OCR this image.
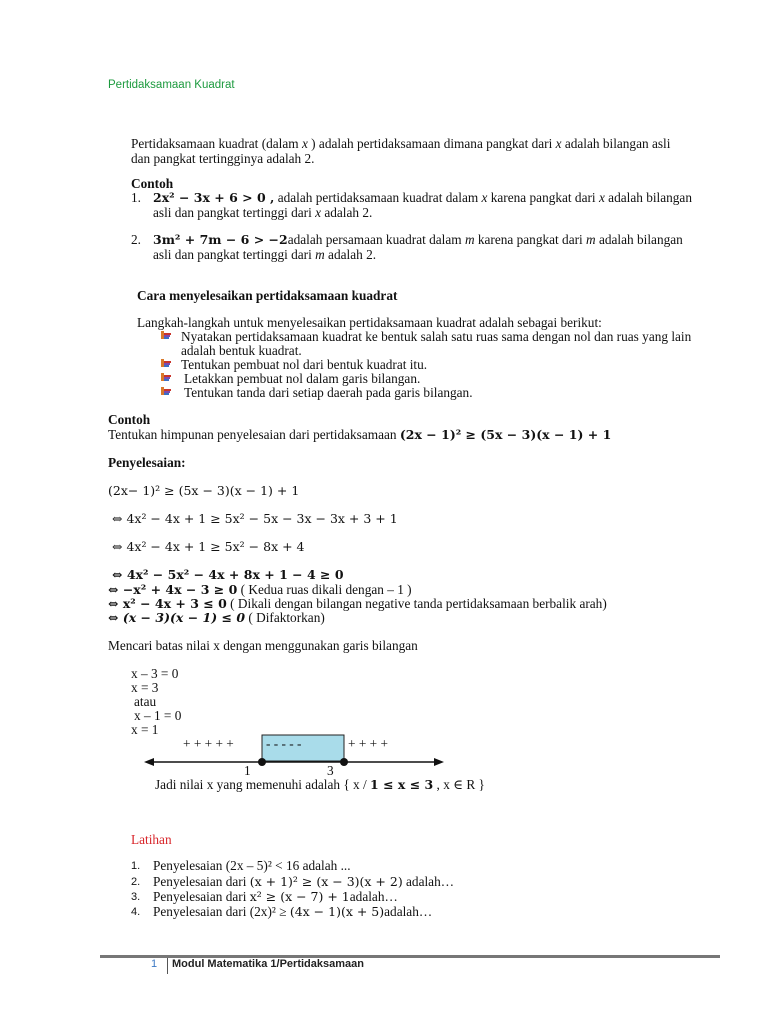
Pertidaksamaan Kuadrat
Pertidaksamaan kuadrat (dalam x ) adalah pertidaksamaan dimana pangkat dari x adalah bilangan asli
dan pangkat tertingginya adalah 2.
Contoh
1. 2x² − 3x + 6 > 0 , adalah pertidaksamaan kuadrat dalam x karena pangkat dari x adalah bilangan
asli dan pangkat tertinggi dari x adalah 2.
2. 3m² + 7m − 6 > −2adalah persamaan kuadrat dalam m karena pangkat dari m adalah bilangan
asli dan pangkat tertinggi dari m adalah 2.
Cara menyelesaikan pertidaksamaan kuadrat
Langkah-langkah untuk menyelesaikan pertidaksamaan kuadrat adalah sebagai berikut:
Nyatakan pertidaksamaan kuadrat ke bentuk salah satu ruas sama dengan nol dan ruas yang lain
adalah bentuk kuadrat.
Tentukan pembuat nol dari bentuk kuadrat itu.
Letakkan pembuat nol dalam garis bilangan.
Tentukan tanda dari setiap daerah pada garis bilangan.
Contoh
Tentukan himpunan penyelesaian dari pertidaksamaan (2x − 1)² ≥ (5x − 3)(x − 1) + 1
Penyelesaian:
(2x− 1)² ≥ (5x − 3)(x − 1) + 1
⇔ 4x² − 4x + 1 ≥ 5x² − 5x − 3x − 3x + 3 + 1
⇔ 4x² − 4x + 1 ≥ 5x² − 8x + 4
⇔ 4x² − 5x² − 4x + 8x + 1 − 4 ≥ 0
⇔ −x² + 4x − 3 ≥ 0 ( Kedua ruas dikali dengan – 1 )
⇔ x² − 4x + 3 ≤ 0 ( Dikali dengan bilangan negative tanda pertidaksamaan berbalik arah)
⇔ (x − 3)(x − 1) ≤ 0 ( Difaktorkan)
Mencari batas nilai x dengan menggunakan garis bilangan
x – 3 = 0
x = 3
atau
x – 1 = 0
x = 1
+ + + + + - - - - -	+ + + +
1	3
Jadi nilai x yang memenuhi adalah { x / 1 ≤ x ≤ 3 , x ∈ R }
Latihan
1. Penyelesaian (2x – 5)² < 16 adalah ...
2. Penyelesaian dari (x + 1)² ≥ (x − 3)(x + 2) adalah…
3. Penyelesaian dari x² ≥ (x − 7) + 1adalah…
4. Penyelesaian dari (2x)² ≥ (4x − 1)(x + 5)adalah…
1 Modul Matematika 1/Pertidaksamaan
